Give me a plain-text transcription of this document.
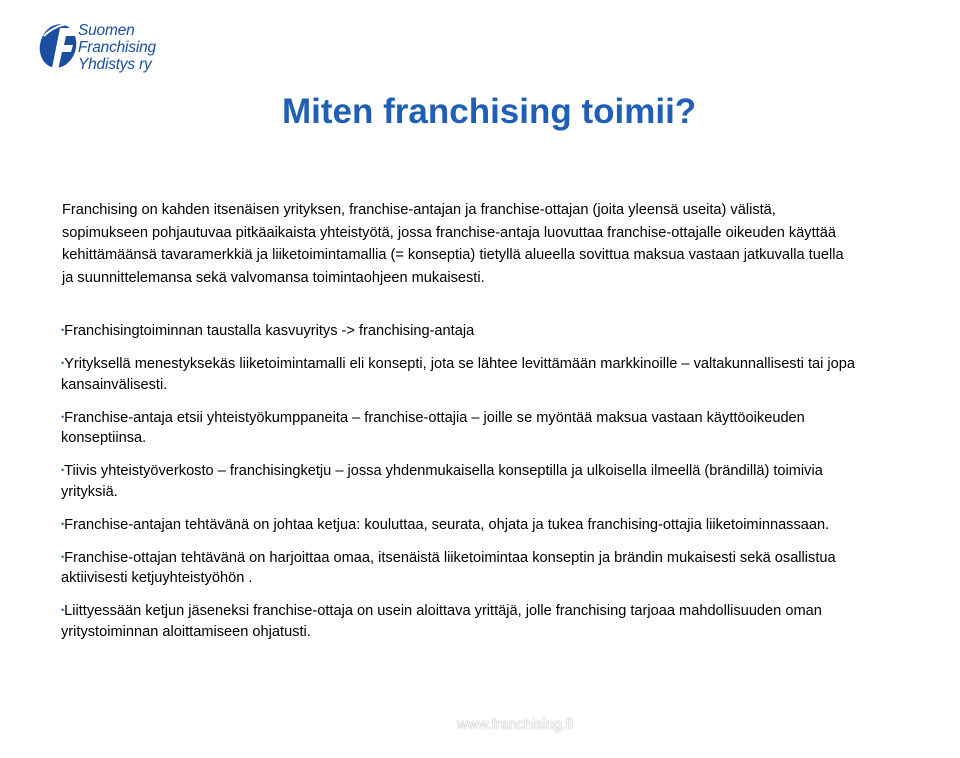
Suomen
Franchising
Yhdistys ry
Miten franchising toimii?
Franchising on kahden itsenäisen yrityksen, franchise-antajan ja franchise-ottajan (joita yleensä useita) välistä, sopimukseen pohjautuvaa pitkäaikaista yhteistyötä, jossa franchise-antaja luovuttaa franchise-ottajalle oikeuden käyttää kehittämäänsä tavaramerkkiä ja liiketoimintamallia (= konseptia) tietyllä alueella sovittua maksua vastaan jatkuvalla tuella ja suunnittelemansa sekä valvomansa toimintaohjeen mukaisesti.
•Franchisingtoiminnan taustalla kasvuyritys -> franchising-antaja
•Yrityksellä menestyksekäs liiketoimintamalli eli konsepti, jota se lähtee levittämään markkinoille – valtakunnallisesti tai jopa kansainvälisesti.
•Franchise-antaja etsii yhteistyökumppaneita – franchise-ottajia – joille se myöntää maksua vastaan käyttöoikeuden konseptiinsa.
•Tiivis yhteistyöverkosto – franchisingketju – jossa yhdenmukaisella konseptilla ja ulkoisella ilmeellä (brändillä) toimivia yrityksiä.
•Franchise-antajan tehtävänä on johtaa ketjua: kouluttaa, seurata, ohjata ja tukea franchising-ottajia liiketoiminnassaan.
•Franchise-ottajan tehtävänä on harjoittaa omaa, itsenäistä liiketoimintaa konseptin ja brändin mukaisesti sekä osallistua aktiivisesti ketjuyhteistyöhön .
•Liittyessään ketjun jäseneksi franchise-ottaja on usein aloittava yrittäjä, jolle franchising tarjoaa mahdollisuuden oman yritystoiminnan aloittamiseen ohjatusti.
www.franchising.fi
